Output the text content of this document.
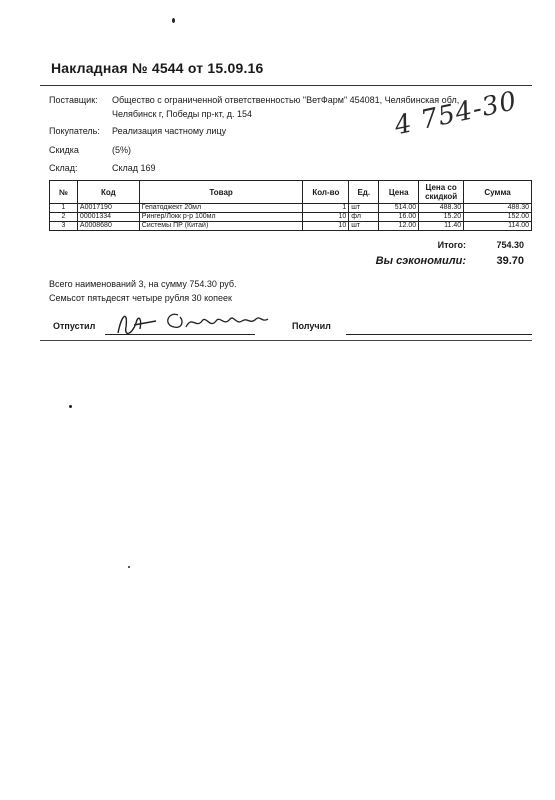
Накладная № 4544 от 15.09.16
Поставщик: Общество с ограниченной ответственностью "ВетФарм" 454081, Челябинская обл, Челябинск г, Победы пр-кт, д. 154
Покупатель: Реализация частному лицу
Скидка	(5%)
Склад:	Склад 169
4 754-30
№	Код	Товар	Кол-во	Ед.	Цена	Цена со скидкой	Сумма
1	А0017190	Гепатоджект 20мл	1	шт	514.00	488.30	488.30
2	00001334	Рингер/Локк р-р 100мл	10	фл	16.00	15.20	152.00
3	А0008680	Системы ПР (Китай)	10	шт	12.00	11.40	114.00
Итого:	754.30
Вы сэкономили:	39.70
Всего наименований 3, на сумму 754.30 руб.
Семьсот пятьдесят четыре рубля 30 копеек
Отпустил	Получил
